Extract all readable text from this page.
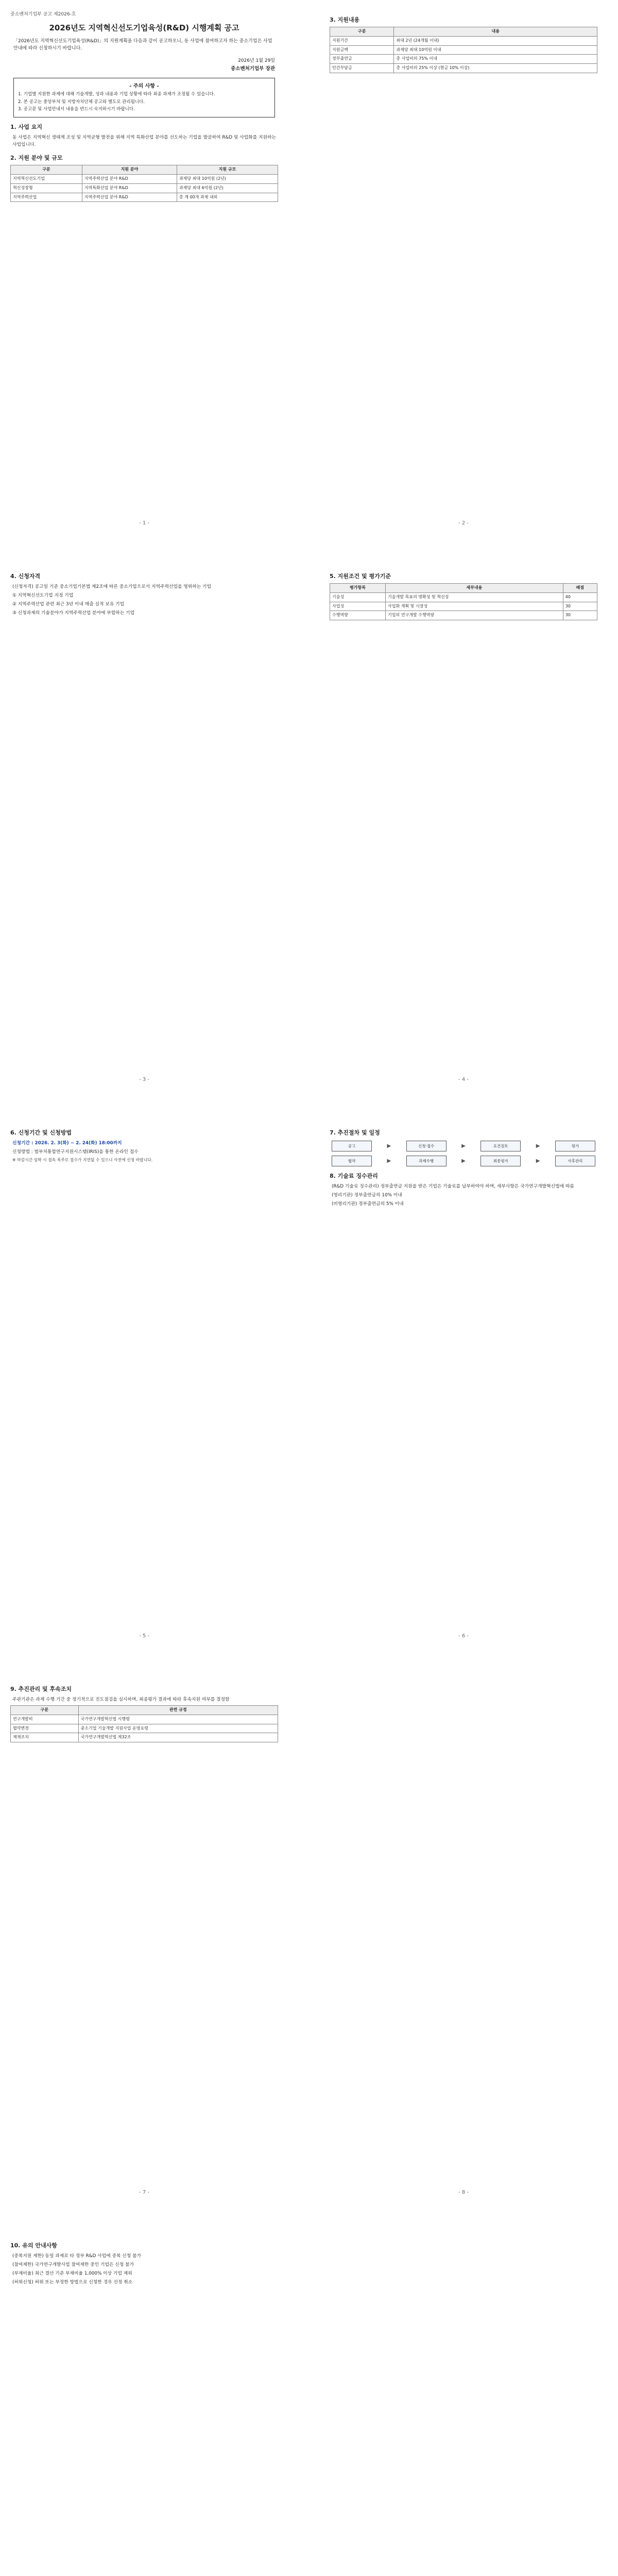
중소벤처기업부 공고 제2026-호
2026년도 지역혁신선도기업육성(R&D) 시행계획 공고
「2026년도 지역혁신선도기업육성(R&D)」의 지원계획을 다음과 같이 공고하오니, 동 사업에 참여하고자 하는 중소기업은 사업안내에 따라 신청하시기 바랍니다.
2026년 1월 29일
중소벤처기업부 장관
- 주의 사항 -
1. 기업별 지원한 과제에 대해 기술개발, 성과 내용과 기업 상황에 따라 최종 과제가 조정될 수 있습니다.
2. 본 공고는 중앙부처 및 지방자치단체 공고와 별도로 관리됩니다.
3. 공고문 및 사업안내서 내용을 반드시 숙지하시기 바랍니다.
1. 사업 요지
동 사업은 지역혁신 생태계 조성 및 지역균형 발전을 위해 지역 특화산업 분야를 선도하는 기업을 발굴하여 R&D 및 사업화를 지원하는 사업입니다.
2. 지원 분야 및 규모
구분	지원 분야	지원 규모
지역혁신선도기업	지역주력산업 분야 R&D	과제당 최대 10억원 (2년)
혁신성장형	지역특화산업 분야 R&D	과제당 최대 6억원 (2년)
지역주력산업	지역주력산업 분야 R&D	총 계 00개 과제 내외
- 1 -
3. 지원내용
구분	내용
지원기간	최대 2년 (24개월 이내)
지원금액	과제당 최대 10억원 이내
정부출연금	총 사업비의 75% 이내
민간부담금	총 사업비의 25% 이상 (현금 10% 이상)
- 2 -
4. 신청자격
(신청자격) 공고일 기준 중소기업기본법 제2조에 따른 중소기업으로서 지역주력산업을 영위하는 기업
① 지역혁신선도기업 지정 기업
② 지역주력산업 관련 최근 3년 이내 매출 실적 보유 기업
③ 신청과제의 기술분야가 지역주력산업 분야에 부합하는 기업
- 3 -
5. 지원조건 및 평가기준
평가항목	세부내용	배점
기술성	기술개발 목표의 명확성 및 혁신성	40
사업성	사업화 계획 및 시장성	30
수행역량	기업의 연구개발 수행역량	30
- 4 -
6. 신청기간 및 신청방법
신청기간 : 2026. 2. 3(화) ~ 2. 24(화) 18:00까지
신청방법 : 범부처통합연구지원시스템(IRIS)을 통한 온라인 접수
※ 마감시간 임박 시 접속 폭주로 접수가 지연될 수 있으니 사전에 신청 바랍니다.
- 5 -
7. 추진절차 및 일정
공고	▶	신청·접수	▶	요건검토	▶	평가
협약	▶	과제수행	▶	최종평가	▶	사후관리
8. 기술료 징수관리
(R&D 기술료 징수관리) 정부출연금 지원을 받은 기업은 기술료를 납부하여야 하며, 세부사항은 국가연구개발혁신법에 따름
(영리기관) 정부출연금의 10% 이내
(비영리기관) 정부출연금의 5% 이내
- 6 -
9. 추진관리 및 후속조치
주관기관은 과제 수행 기간 중 정기적으로 진도점검을 실시하며, 최종평가 결과에 따라 후속지원 여부를 결정함
구분	관련 규정
연구개발비	국가연구개발혁신법 시행령
협약변경	중소기업 기술개발 지원사업 운영요령
제재조치	국가연구개발혁신법 제32조
- 7 -	- 8 -
10. 유의 안내사항
(중복지원 제한) 동일 과제로 타 정부 R&D 사업에 중복 신청 불가
(참여제한) 국가연구개발사업 참여제한 중인 기업은 신청 불가
(부채비율) 최근 결산 기준 부채비율 1,000% 이상 기업 제외
(허위신청) 허위 또는 부정한 방법으로 신청한 경우 선정 취소
